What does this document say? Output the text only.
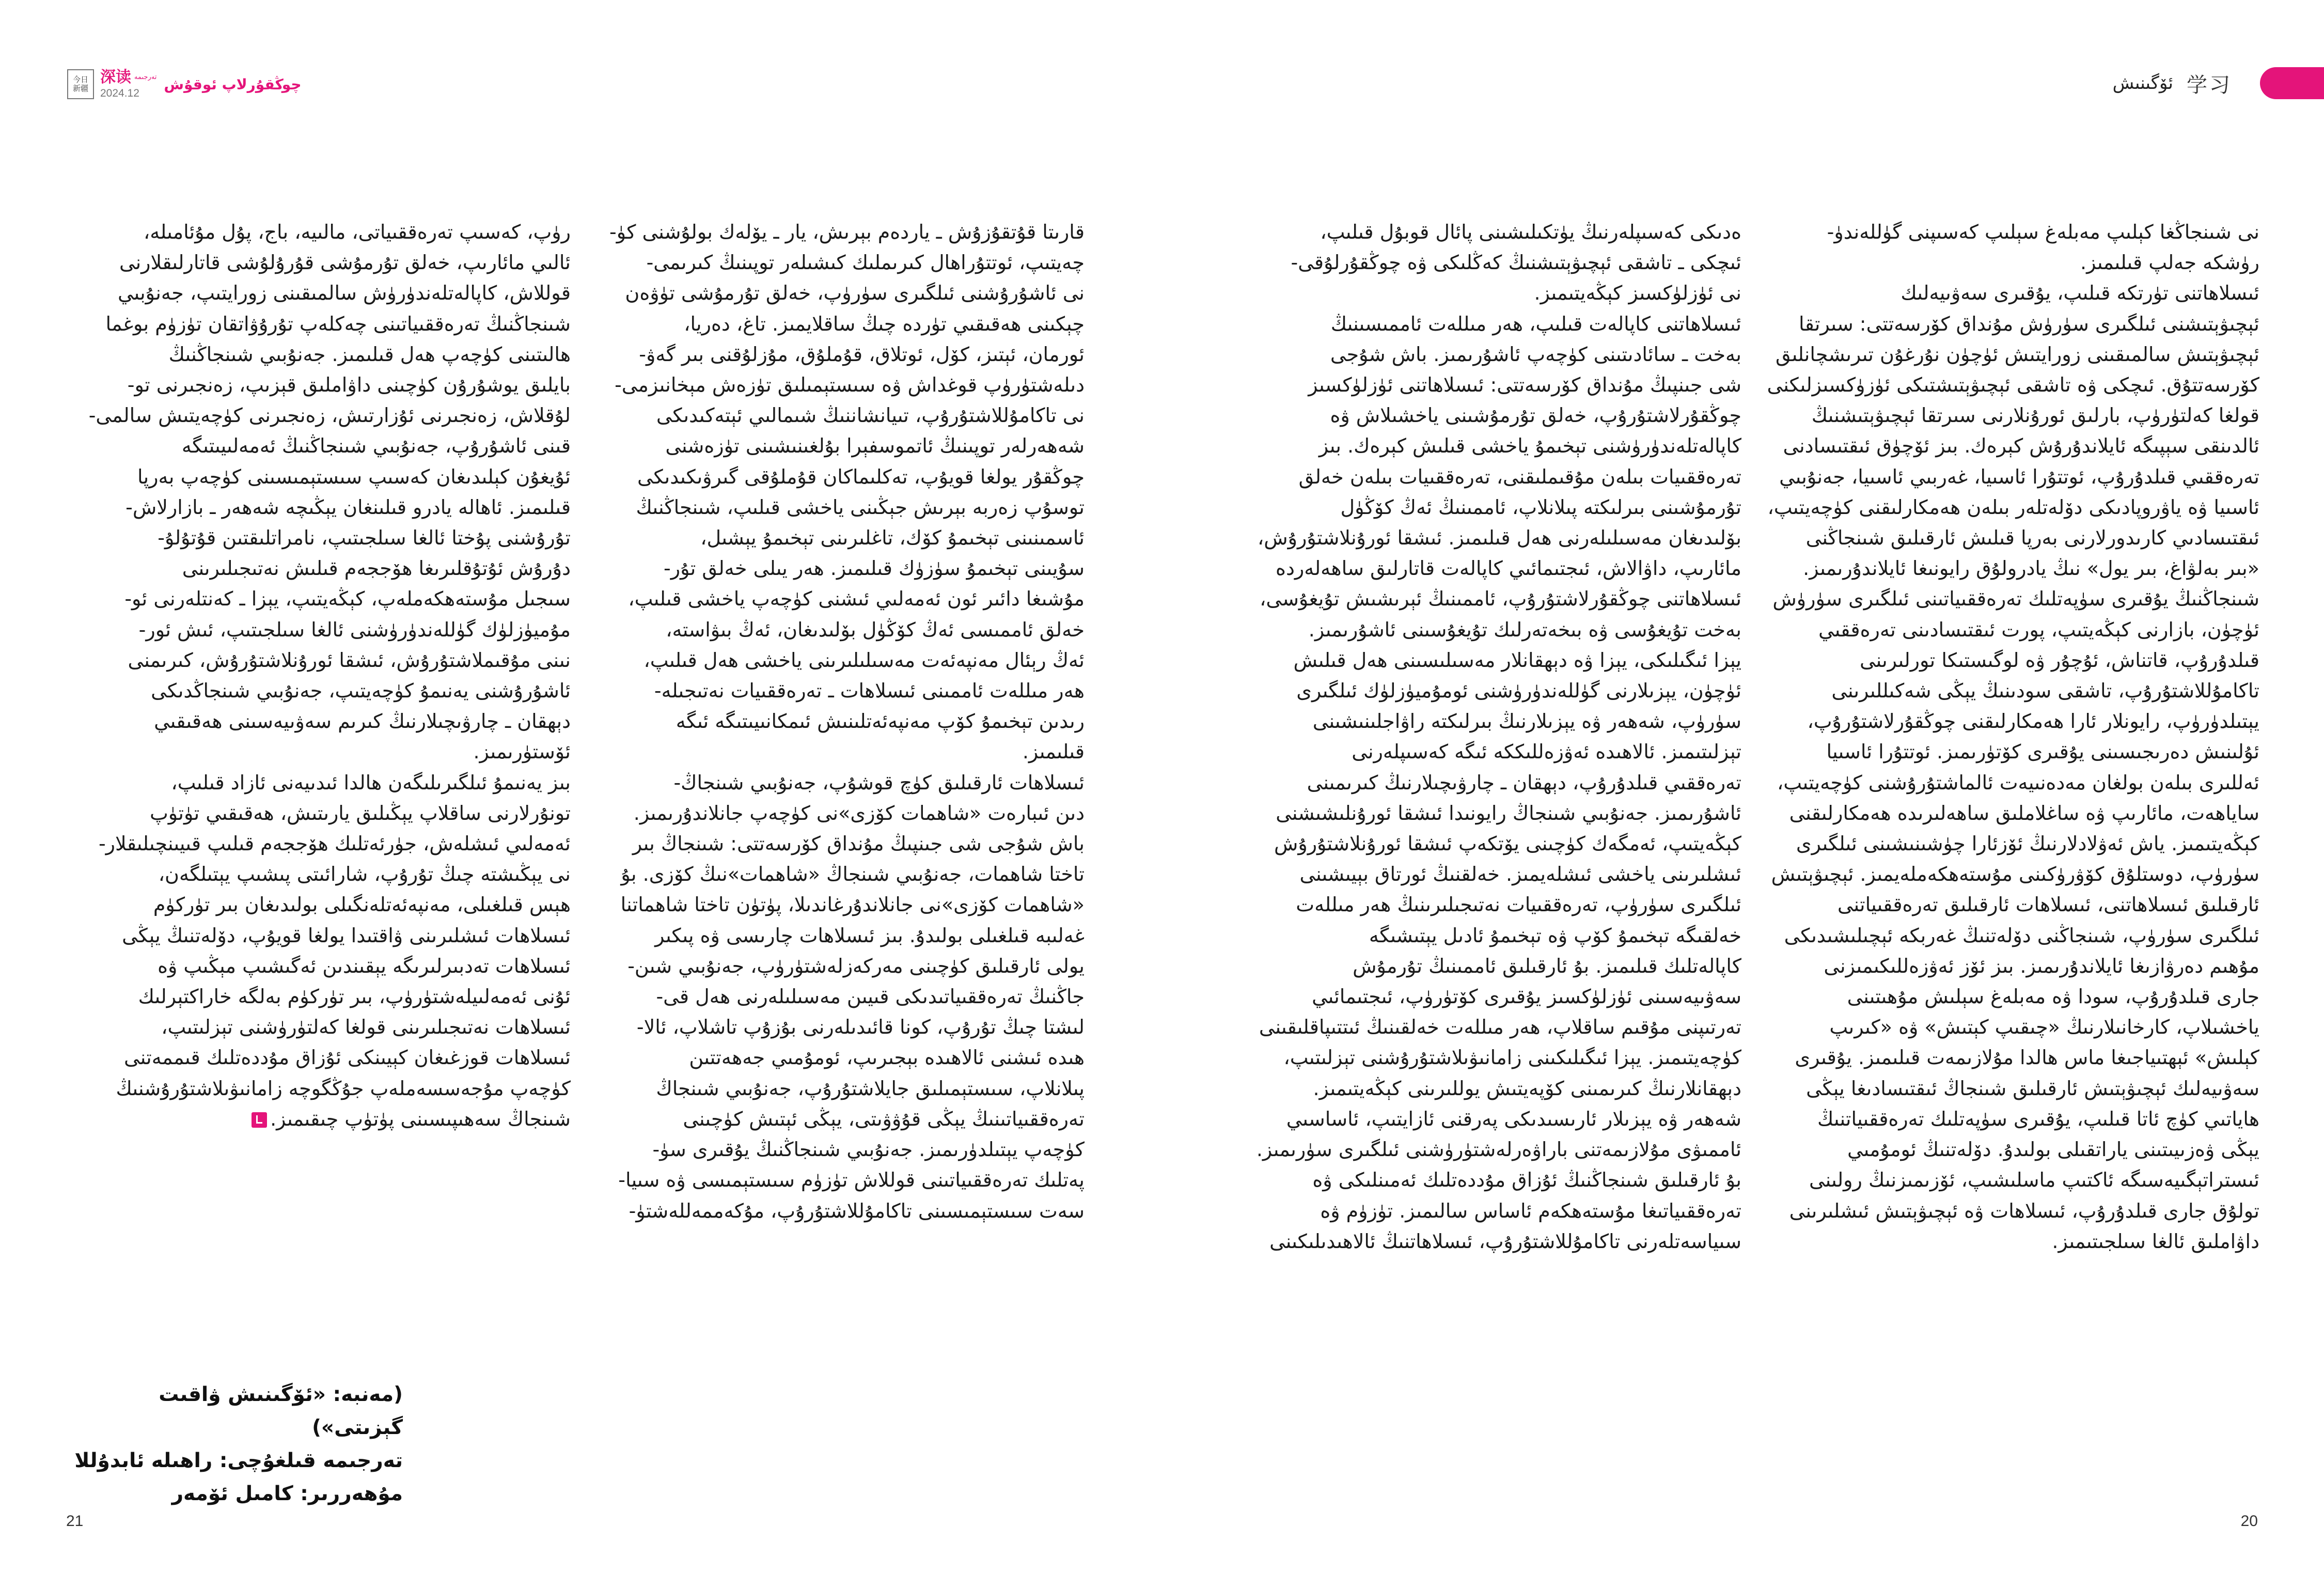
今日
新疆
深读 تەرجىمە
2024.12
چوڭقۇرلاپ ئوقۇش	ئۆگىنىش 学习

نى شىنجاڭغا كېلىپ مەبلەغ سېلىپ كەسىپنى گۈللەندۈ-

رۈشكە جەلپ قىلىمىز.

ئىسلاھاتنى تۈرتكە قىلىپ، يۇقىرى سەۋىيەلىك

ئېچىۋېتىشنى ئىلگىرى سۈرۈش مۇنداق كۆرسەتتى: سىرتقا

ئېچىۋېتىش سالمىقىنى زورايتىش ئۈچۈن نۇرغۇن تىرىشچانلىق

كۆرسەتتۇق. ئىچكى ۋە تاشقى ئېچىۋېتىشتىكى ئۈزۈكسىزلىكنى

قولغا كەلتۈرۈپ، بارلىق ئورۇنلارنى سىرتقا ئېچىۋېتىشنىڭ

ئالدىنقى سېپىگە ئايلاندۇرۇش كېرەك. بىز ئۆچۈق ئىقتىسادنى

تەرەققىي قىلدۇرۇپ، ئوتتۇرا ئاسىيا، غەربىي ئاسىيا، جەنۇبىي

ئاسىيا ۋە ياۋروپادىكى دۆلەتلەر بىلەن ھەمكارلىقنى كۈچەيتىپ،

ئىقتىسادىي كارىدورلارنى بەرپا قىلىش ئارقىلىق شىنجاڭنى

«بىر بەلۋاغ، بىر يول» نىڭ يادرولۇق رايونىغا ئايلاندۇرىمىز.

شىنجاڭنىڭ يۇقىرى سۈپەتلىك تەرەققىياتىنى ئىلگىرى سۈرۈش

ئۈچۈن، بازارنى كېڭەيتىپ، پورت ئىقتىسادىنى تەرەققىي

قىلدۇرۇپ، قاتناش، ئۇچۇر ۋە لوگىستىكا تورلىرىنى

تاكامۇللاشتۇرۇپ، تاشقى سودىنىڭ يېڭى شەكىللىرىنى

يېتىلدۈرۈپ، رايونلار ئارا ھەمكارلىقنى چوڭقۇرلاشتۇرۇپ،

ئۇلىنىش دەرىجىسىنى يۇقىرى كۆتۈرىمىز. ئوتتۇرا ئاسىيا

ئەللىرى بىلەن بولغان مەدەنىيەت ئالماشتۇرۇشنى كۈچەيتىپ،

ساياھەت، مائارىپ ۋە ساغلاملىق ساھەلىرىدە ھەمكارلىقنى

كېڭەيتىمىز. ياش ئەۋلادلارنىڭ ئۆزئارا چۈشىنىشىنى ئىلگىرى

سۈرۈپ، دوستلۇق كۆۋرۈكىنى مۇستەھكەملەيمىز. ئېچىۋېتىش

ئارقىلىق ئىسلاھاتنى، ئىسلاھات ئارقىلىق تەرەققىياتنى

ئىلگىرى سۈرۈپ، شىنجاڭنى دۆلەتنىڭ غەربكە ئېچىلىشىدىكى

مۇھىم دەرۋازىغا ئايلاندۇرىمىز. بىز ئۆز ئەۋزەللىكىمىزنى

جارى قىلدۇرۇپ، سودا ۋە مەبلەغ سېلىش مۇھىتىنى

ياخشىلاپ، كارخانىلارنىڭ «چىقىپ كېتىش» ۋە «كىرىپ

كېلىش» ئېھتىياجىغا ماس ھالدا مۇلازىمەت قىلىمىز. يۇقىرى

سەۋىيەلىك ئېچىۋېتىش ئارقىلىق شىنجاڭ ئىقتىسادىغا يېڭى

ھاياتىي كۈچ ئاتا قىلىپ، يۇقىرى سۈپەتلىك تەرەققىياتنىڭ

يېڭى ۋەزىيىتىنى ياراتقىلى بولىدۇ. دۆلەتنىڭ ئومۇمىي

ئىستراتېگىيەسىگە ئاكتىپ ماسلىشىپ، ئۆزىمىزنىڭ رولىنى

تولۇق جارى قىلدۇرۇپ، ئىسلاھات ۋە ئېچىۋېتىش ئىشلىرىنى

داۋاملىق ئالغا سىلجىتىمىز.

ەدىكى كەسىپلەرنىڭ يۈتكىلىشىنى پائال قوبۇل قىلىپ،

ئىچكى ـ تاشقى ئېچىۋېتىشنىڭ كەڭلىكى ۋە چوڭقۇرلۇقى-

نى ئۈزلۈكسىز كېڭەيتىمىز.

ئىسلاھاتنى كاپالەت قىلىپ، ھەر مىللەت ئاممىسىنىڭ

بەخت ـ سائادىتىنى كۈچەپ ئاشۇرىمىز. باش شۇجى

شى جىنپىڭ مۇنداق كۆرسەتتى: ئىسلاھاتنى ئۈزلۈكسىز

چوڭقۇرلاشتۇرۇپ، خەلق تۇرمۇشىنى ياخشىلاش ۋە

كاپالەتلەندۈرۈشنى تېخىمۇ ياخشى قىلىش كېرەك. بىز

تەرەققىيات بىلەن مۇقىملىقنى، تەرەققىيات بىلەن خەلق

تۇرمۇشىنى بىرلىكتە پىلانلاپ، ئاممىنىڭ ئەڭ كۆڭۈل

بۆلىدىغان مەسىلىلەرنى ھەل قىلىمىز. ئىشقا ئورۇنلاشتۇرۇش،

مائارىپ، داۋالاش، ئىجتىمائىي كاپالەت قاتارلىق ساھەلەردە

ئىسلاھاتنى چوڭقۇرلاشتۇرۇپ، ئاممىنىڭ ئېرىشىش تۇيغۇسى،

بەخت تۇيغۇسى ۋە بىخەتەرلىك تۇيغۇسىنى ئاشۇرىمىز.

يېزا ئىگىلىكى، يېزا ۋە دېھقانلار مەسىلىسىنى ھەل قىلىش

ئۈچۈن، يېزىلارنى گۈللەندۈرۈشنى ئومۇميۈزلۈك ئىلگىرى

سۈرۈپ، شەھەر ۋە يېزىلارنىڭ بىرلىكتە راۋاجلىنىشىنى

تېزلىتىمىز. ئالاھىدە ئەۋزەللىككە ئىگە كەسىپلەرنى

تەرەققىي قىلدۇرۇپ، دېھقان ـ چارۋىچىلارنىڭ كىرىمىنى

ئاشۇرىمىز. جەنۇبىي شىنجاڭ رايونىدا ئىشقا ئورۇنلىشىشنى

كېڭەيتىپ، ئەمگەك كۈچىنى يۆتكەپ ئىشقا ئورۇنلاشتۇرۇش

ئىشلىرىنى ياخشى ئىشلەيمىز. خەلقنىڭ ئورتاق بېيىشىنى

ئىلگىرى سۈرۈپ، تەرەققىيات نەتىجىلىرىنىڭ ھەر مىللەت

خەلقىگە تېخىمۇ كۆپ ۋە تېخىمۇ ئادىل يېتىشىگە

كاپالەتلىك قىلىمىز. بۇ ئارقىلىق ئاممىنىڭ تۇرمۇش

سەۋىيەسىنى ئۈزلۈكسىز يۇقىرى كۆتۈرۈپ، ئىجتىمائىي

تەرتىپنى مۇقىم ساقلاپ، ھەر مىللەت خەلقىنىڭ ئىتتىپاقلىقىنى

كۈچەيتىمىز. يېزا ئىگىلىكىنى زامانىۋىلاشتۇرۇشنى تېزلىتىپ،

دېھقانلارنىڭ كىرىمىنى كۆپەيتىش يوللىرىنى كېڭەيتىمىز.

شەھەر ۋە يېزىلار ئارىسىدىكى پەرقنى ئازايتىپ، ئاساسىي

ئاممىۋى مۇلازىمەتنى باراۋەرلەشتۈرۈشنى ئىلگىرى سۈرىمىز.

بۇ ئارقىلىق شىنجاڭنىڭ ئۇزاق مۇددەتلىك ئەمىنلىكى ۋە

تەرەققىياتىغا مۇستەھكەم ئاساس سالىمىز. تۈزۈم ۋە

سىياسەتلەرنى تاكامۇللاشتۇرۇپ، ئىسلاھاتنىڭ ئالاھىدىلىكىنى

قارىتا قۇتقۇزۇش ـ ياردەم بېرىش، يار ـ يۆلەك بولۇشنى كۈ-

چەيتىپ، ئوتتۇراھال كىرىملىك كىشىلەر توپىنىڭ كىرىمى-

نى ئاشۇرۇشنى ئىلگىرى سۈرۈپ، خەلق تۇرمۇشى تۈۋەن

چېكىنى ھەقىقىي تۈردە چىڭ ساقلايمىز. تاغ، دەريا،

ئورمان، ئېتىز، كۆل، ئوتلاق، قۇملۇق، مۇزلۇقنى بىر گەۋ-

دىلەشتۈرۈپ قوغداش ۋە سىستېمىلىق تۈزەش مېخانىزمى-

نى تاكامۇللاشتۇرۇپ، تىيانشاننىڭ شىمالىي ئېتەكىدىكى

شەھەرلەر توپىنىڭ ئاتموسفېرا بۇلغىنىشىنى تۈزەشنى

چوڭقۇر يولغا قويۇپ، تەكلىماكان قۇملۇقى گىرۋىكىدىكى

توسۇپ زەربە بېرىش جېڭىنى ياخشى قىلىپ، شىنجاڭنىڭ

ئاسمىنىنى تېخىمۇ كۆك، تاغلىرىنى تېخىمۇ يېشىل،

سۇيىنى تېخىمۇ سۈزۈك قىلىمىز. ھەر يىلى خەلق تۇر-

مۇشىغا دائىر ئون ئەمەلىي ئىشنى كۈچەپ ياخشى قىلىپ،

خەلق ئاممىسى ئەڭ كۆڭۈل بۆلىدىغان، ئەڭ بىۋاستە،

ئەڭ رېئال مەنپەئەت مەسىلىلىرىنى ياخشى ھەل قىلىپ،

ھەر مىللەت ئاممىنى ئىسلاھات ـ تەرەققىيات نەتىجىلە-

رىدىن تېخىمۇ كۆپ مەنپەئەتلىنىش ئىمكانىيىتىگە ئىگە

قىلىمىز.

ئىسلاھات ئارقىلىق كۈچ قوشۇپ، جەنۇبىي شىنجاڭ-

دىن ئىبارەت «شاھمات كۆزى»نى كۈچەپ جانلاندۇرىمىز.

باش شۇجى شى جىنپىڭ مۇنداق كۆرسەتتى: شىنجاڭ بىر

تاختا شاھمات، جەنۇبىي شىنجاڭ «شاھمات»نىڭ كۆزى. بۇ

«شاھمات كۆزى»نى جانلاندۇرغاندىلا، پۈتۈن تاختا شاھماتنا

غەلىبە قىلغىلى بولىدۇ. بىز ئىسلاھات چارىسى ۋە پىكىر

يولى ئارقىلىق كۈچىنى مەركەزلەشتۈرۈپ، جەنۇبىي شىن-

جاڭنىڭ تەرەققىياتىدىكى قىيىن مەسىلىلەرنى ھەل قى-

لىشتا چىڭ تۇرۇپ، كونا قائىدىلەرنى بۇزۇپ تاشلاپ، ئالا-

ھىدە ئىشنى ئالاھىدە بېجىرىپ، ئومۇمىي جەھەتتىن

پىلانلاپ، سىستېمىلىق جايلاشتۇرۇپ، جەنۇبىي شىنجاڭ

تەرەققىياتىنىڭ يېڭى قۇۋۋىتى، يېڭى ئېتىش كۈچىنى

كۈچەپ يېتىلدۈرىمىز. جەنۇبىي شىنجاڭنىڭ يۇقىرى سۈ-

پەتلىك تەرەققىياتىنى قوللاش تۈزۈم سىستېمىسى ۋە سىيا-

سەت سىستېمىسىنى تاكامۇللاشتۇرۇپ، مۇكەممەللەشتۈ-

رۈپ، كەسىپ تەرەققىياتى، مالىيە، باج، پۇل مۇئامىلە،

ئالىي مائارىپ، خەلق تۇرمۇشى قۇرۇلۇشى قاتارلىقلارنى

قوللاش، كاپالەتلەندۈرۈش سالمىقىنى زورايتىپ، جەنۇبىي

شىنجاڭنىڭ تەرەققىياتىنى چەكلەپ تۇرۇۋاتقان تۈزۈم بوغما

ھالىتىنى كۈچەپ ھەل قىلىمىز. جەنۇبىي شىنجاڭنىڭ

بايلىق يوشۇرۇن كۈچىنى داۋاملىق قېزىپ، زەنجىرنى تو-

لۇقلاش، زەنجىرنى ئۇزارتىش، زەنجىرنى كۈچەيتىش سالمى-

قىنى ئاشۇرۇپ، جەنۇبىي شىنجاڭنىڭ ئەمەلىيىتىگە

ئۇيغۇن كېلىدىغان كەسىپ سىستېمىسىنى كۈچەپ بەرپا

قىلىمىز. ئاھالە يادرو قىلىنغان يېڭىچە شەھەر ـ بازارلاش-

تۇرۇشنى پۇختا ئالغا سىلجىتىپ، نامراتلىقتىن قۇتۇلۇ-

دۇرۇش ئۇتۇقلىرىغا ھۆججەم قىلىش نەتىجىلىرىنى

سىجىل مۇستەھكەملەپ، كېڭەيتىپ، يېزا ـ كەنتلەرنى ئو-

مۇميۈزلۈك گۈللەندۈرۈشنى ئالغا سىلجىتىپ، ئىش ئور-

نىنى مۇقىملاشتۇرۇش، ئىشقا ئورۇنلاشتۇرۇش، كىرىمنى

ئاشۇرۇشنى يەنىمۇ كۈچەيتىپ، جەنۇبىي شىنجاڭدىكى

دېھقان ـ چارۋىچىلارنىڭ كىرىم سەۋىيەسىنى ھەقىقىي

ئۆستۈرىمىز.

بىز يەنىمۇ ئىلگىرىلىگەن ھالدا ئىدىيەنى ئازاد قىلىپ،

تونۇرلارنى ساقلاپ يېڭىلىق يارىتىش، ھەقىقىي تۈتۈپ

ئەمەلىي ئىشلەش، جۈرئەتلىك ھۆججەم قىلىپ قىيىنچىلىقلار-

نى يېڭىشتە چىڭ تۇرۇپ، شارائىتى پىشىپ يېتىلگەن،

ھېس قىلغىلى، مەنپەئەتلەنگىلى بولىدىغان بىر تۈركۈم

ئىسلاھات ئىشلىرىنى ۋاقتىدا يولغا قويۇپ، دۆلەتنىڭ يېڭى

ئىسلاھات تەدبىرلىرىگە يېقىندىن ئەگىشىپ مېڭىپ ۋە

ئۇنى ئەمەلىيلەشتۈرۈپ، بىر تۈركۈم بەلگە خاراكتېرلىك

ئىسلاھات نەتىجىلىرىنى قولغا كەلتۈرۈشنى تېزلىتىپ،

ئىسلاھات قوزغىغان كېيىنكى ئۇزاق مۇددەتلىك قىممەتنى

كۈچەپ مۇجەسسەملەپ جۇڭگوچە زامانىۋىلاشتۇرۇشنىڭ

شىنجاڭ سەھىپىسىنى پۈتۈپ چىقىمىز.

(مەنبە: «ئۆگىنىش ۋاقىت گېزىتى»)
تەرجىمە قىلغۇچى: راھىلە ئابدۇللا
مۇھەررىر: كامىل ئۆمەر
21	20
